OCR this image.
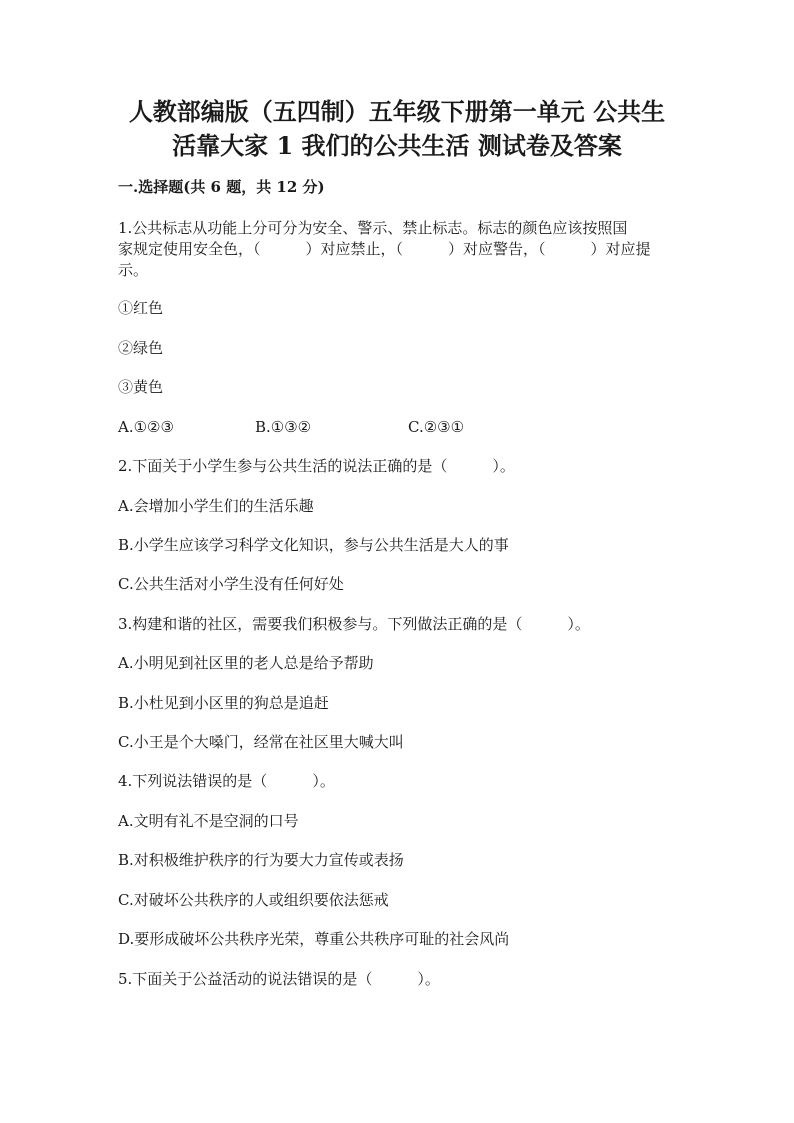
人教部编版（五四制）五年级下册第一单元 公共生
活靠大家 1 我们的公共生活 测试卷及答案
一.选择题(共 6 题，共 12 分)
1.公共标志从功能上分可分为安全、警示、禁止标志。标志的颜色应该按照国
家规定使用安全色，（　　　）对应禁止，（　　　）对应警告，（　　　）对应提
示。
①红色
②绿色
③黄色
A.①②③	B.①③②	C.②③①
2.下面关于小学生参与公共生活的说法正确的是（　　　）。
A.会增加小学生们的生活乐趣
B.小学生应该学习科学文化知识，参与公共生活是大人的事
C.公共生活对小学生没有任何好处
3.构建和谐的社区，需要我们积极参与。下列做法正确的是（　　　）。
A.小明见到社区里的老人总是给予帮助
B.小杜见到小区里的狗总是追赶
C.小王是个大嗓门，经常在社区里大喊大叫
4.下列说法错误的是（　　　）。
A.文明有礼不是空洞的口号
B.对积极维护秩序的行为要大力宣传或表扬
C.对破坏公共秩序的人或组织要依法惩戒
D.要形成破坏公共秩序光荣，尊重公共秩序可耻的社会风尚
5.下面关于公益活动的说法错误的是（　　　）。
